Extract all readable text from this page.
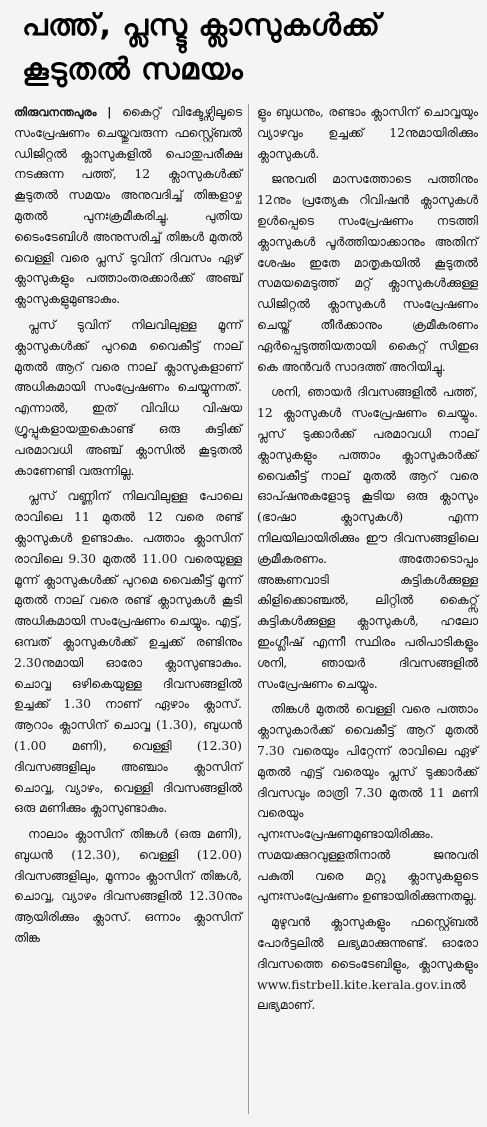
പത്ത്, പ്ലസ്ടു ക്ലാസുകൾക്ക്
കൂടുതൽ സമയം

തിരുവനന്തപുരം | കൈറ്റ് വിക്ടേഴ്സിലൂടെ സംപ്രേഷണം ചെയ്തുവരുന്ന ഫസ്റ്റ്ബെൽ ഡിജിറ്റൽ ക്ലാസുകളിൽ പൊതുപരീക്ഷ നടക്കുന്ന പത്ത്, 12 ക്ലാസുകൾക്ക് കൂടുതൽ സമയം അനുവദിച്ച് തിങ്കളാഴ്ച മുതൽ പുനഃക്രമീകരിച്ചു. പുതിയ ടൈംടേബിൾ അനുസരിച്ച് തിങ്കൾ മുതൽ വെള്ളി വരെ പ്ലസ് ടുവിന് ദിവസം ഏഴ് ക്ലാസുകളും പത്താംതരക്കാർക്ക് അഞ്ച് ക്ലാസുകളുമുണ്ടാകും.

പ്ലസ് ടുവിന് നിലവിലുള്ള മൂന്ന് ക്ലാസുകൾക്ക് പുറമെ വൈകീട്ട് നാല് മുതൽ ആറ് വരെ നാല് ക്ലാസുകളാണ് അധികമായി സംപ്രേഷണം ചെയ്യുന്നത്. എന്നാൽ, ഇത് വിവിധ വിഷയ ഗ്രൂപ്പുകളായതുകൊണ്ട് ഒരു കുട്ടിക്ക് പരമാവധി അഞ്ച് ക്ലാസിൽ കൂടുതൽ കാണേണ്ടി വരുന്നില്ല.

പ്ലസ് വണ്ണിന് നിലവിലുള്ള പോലെ രാവിലെ 11 മുതൽ 12 വരെ രണ്ട് ക്ലാസുകൾ ഉണ്ടാകും. പത്താം ക്ലാസിന് രാവിലെ 9.30 മുതൽ 11.00 വരെയുള്ള മൂന്ന് ക്ലാസുകൾക്ക് പുറമെ വൈകീട്ട് മൂന്ന് മുതൽ നാല് വരെ രണ്ട് ക്ലാസുകൾ കൂടി അധികമായി സംപ്രേഷണം ചെയ്യും. എട്ട്, ഒമ്പത് ക്ലാസുകൾക്ക് ഉച്ചക്ക് രണ്ടിനും 2.30നുമായി ഓരോ ക്ലാസുണ്ടാകും. ചൊവ്വ ഒഴികെയുള്ള ദിവസങ്ങളിൽ ഉച്ചക്ക് 1.30 നാണ് ഏഴാം ക്ലാസ്. ആറാം ക്ലാസിന് ചൊവ്വ (1.30), ബുധൻ (1.00 മണി), വെള്ളി (12.30) ദിവസങ്ങളിലും അഞ്ചാം ക്ലാസിന് ചൊവ്വ, വ്യാഴം, വെള്ളി ദിവസങ്ങളിൽ ഒരു മണിക്കും ക്ലാസുണ്ടാകും.

നാലാം ക്ലാസിന് തിങ്കൾ (ഒരു മണി), ബുധൻ (12.30), വെള്ളി (12.00) ദിവസങ്ങളിലും, മൂന്നാം ക്ലാസിന് തിങ്കൾ, ചൊവ്വ, വ്യാഴം ദിവസങ്ങളിൽ 12.30നും ആയിരിക്കും ക്ലാസ്. ഒന്നാം ക്ലാസിന് തിങ്ക

ളും ബുധനും, രണ്ടാം ക്ലാസിന് ചൊവ്വയും വ്യാഴവും ഉച്ചക്ക് 12നുമായിരിക്കും ക്ലാസുകൾ.

ജനുവരി മാസത്തോടെ പത്തിനും 12നും പ്രത്യേക റിവിഷൻ ക്ലാസുകൾ ഉൾപ്പെടെ സംപ്രേഷണം നടത്തി ക്ലാസുകൾ പൂർത്തിയാക്കാനും അതിന് ശേഷം ഇതേ മാതൃകയിൽ കൂടുതൽ സമയമെടുത്ത് മറ്റ് ക്ലാസുകൾക്കുള്ള ഡിജിറ്റൽ ക്ലാസുകൾ സംപ്രേഷണം ചെയ്ത് തീർക്കാനും ക്രമീകരണം ഏർപ്പെടുത്തിയതായി കൈറ്റ് സിഇഒ കെ അൻവർ സാദത്ത് അറിയിച്ചു.

ശനി, ഞായർ ദിവസങ്ങളിൽ പത്ത്, 12 ക്ലാസുകൾ സംപ്രേഷണം ചെയ്യും. പ്ലസ് ടുക്കാർക്ക് പരമാവധി നാല് ക്ലാസുകളും പത്താം ക്ലാസുകാർക്ക് വൈകീട്ട് നാല് മുതൽ ആറ് വരെ ഓപ്ഷനുകളോടു കൂടിയ ഒരു ക്ലാസും (ഭാഷാ ക്ലാസുകൾ) എന്ന നിലയിലായിരിക്കും ഈ ദിവസങ്ങളിലെ ക്രമീകരണം. അതോടൊപ്പം അങ്കണവാടി കുട്ടികൾക്കുള്ള കിളിക്കൊഞ്ചൽ, ലിറ്റിൽ കൈറ്റ്സ് കുട്ടികൾക്കുള്ള ക്ലാസുകൾ, ഹലോ ഇംഗ്ലീഷ് എന്നീ സ്ഥിരം പരിപാടികളും ശനി, ഞായർ ദിവസങ്ങളിൽ സംപ്രേഷണം ചെയ്യും.

തിങ്കൾ മുതൽ വെള്ളി വരെ പത്താം ക്ലാസുകാർക്ക് വൈകീട്ട് ആറ് മുതൽ 7.30 വരെയും പിറ്റേന്ന് രാവിലെ ഏഴ് മുതൽ എട്ട് വരെയും പ്ലസ് ടുക്കാർക്ക് ദിവസവും രാത്രി 7.30 മുതൽ 11 മണി വരെയും പുനഃസംപ്രേഷണമുണ്ടായിരിക്കും. സമയക്കുറവുള്ളതിനാൽ ജനുവരി പകുതി വരെ മറ്റു ക്ലാസുകളുടെ പുനഃസംപ്രേഷണം ഉണ്ടായിരിക്കുന്നതല്ല.

മുഴുവൻ ക്ലാസുകളും ഫസ്റ്റ്ബെൽ പോർട്ടലിൽ ലഭ്യമാക്കുന്നുണ്ട്. ഓരോ ദിവസത്തെ ടൈംടേബിളും, ക്ലാസുകളും www.fistrbell.kite.kerala.gov.inൽ ലഭ്യമാണ്.
